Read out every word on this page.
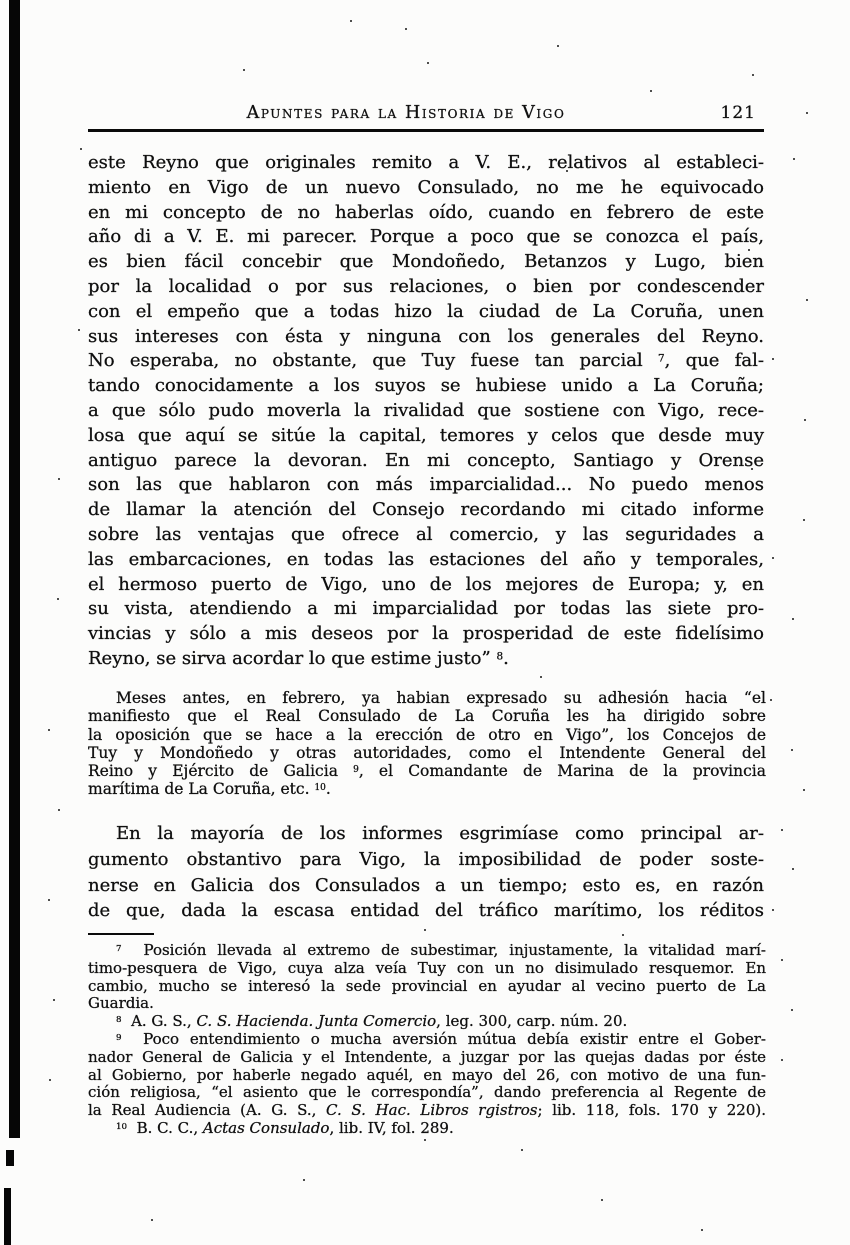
Apuntes para la Historia de Vigo	121
este Reyno que originales remito a V. E., relativos al estableci-
miento en Vigo de un nuevo Consulado, no me he equivocado
en mi concepto de no haberlas oído, cuando en febrero de este
año di a V. E. mi parecer. Porque a poco que se conozca el país,
es bien fácil concebir que Mondoñedo, Betanzos y Lugo, bien
por la localidad o por sus relaciones, o bien por condescender
con el empeño que a todas hizo la ciudad de La Coruña, unen
sus intereses con ésta y ninguna con los generales del Reyno.
No esperaba, no obstante, que Tuy fuese tan parcial $^7$, que fal-
tando conocidamente a los suyos se hubiese unido a La Coruña;
a que sólo pudo moverla la rivalidad que sostiene con Vigo, rece-
losa que aquí se sitúe la capital, temores y celos que desde muy
antiguo parece la devoran. En mi concepto, Santiago y Orense
son las que hablaron con más imparcialidad... No puedo menos
de llamar la atención del Consejo recordando mi citado informe
sobre las ventajas que ofrece al comercio, y las seguridades a
las embarcaciones, en todas las estaciones del año y temporales,
el hermoso puerto de Vigo, uno de los mejores de Europa; y, en
su vista, atendiendo a mi imparcialidad por todas las siete pro-
vincias y sólo a mis deseos por la prosperidad de este fidelísimo
Reyno, se sirva acordar lo que estime justo” $^8$.
Meses antes, en febrero, ya habian expresado su adhesión hacia “el
manifiesto que el Real Consulado de La Coruña les ha dirigido sobre
la oposición que se hace a la erección de otro en Vigo”, los Concejos de
Tuy y Mondoñedo y otras autoridades, como el Intendente General del
Reino y Ejército de Galicia $^9$, el Comandante de Marina de la provincia
marítima de La Coruña, etc. $^{10}$.
En la mayoría de los informes esgrimíase como principal ar-
gumento obstantivo para Vigo, la imposibilidad de poder soste-
nerse en Galicia dos Consulados a un tiempo; esto es, en razón
de que, dada la escasa entidad del tráfico marítimo, los réditos
$^7$  Posición llevada al extremo de subestimar, injustamente, la vitalidad marí-
timo-pesquera de Vigo, cuya alza veía Tuy con un no disimulado resquemor. En
cambio, mucho se interesó la sede provincial en ayudar al vecino puerto de La
Guardia.
$^8$  A. G. S., C. S. Hacienda. Junta Comercio, leg. 300, carp. núm. 20.
$^9$  Poco entendimiento o mucha aversión mútua debía existir entre el Gober-
nador General de Galicia y el Intendente, a juzgar por las quejas dadas por éste
al Gobierno, por haberle negado aquél, en mayo del 26, con motivo de una fun-
ción religiosa, “el asiento que le correspondía”, dando preferencia al Regente de
la Real Audiencia (A. G. S., C. S. Hac. Libros rgistros; lib. 118, fols. 170 y 220).
$^{10}$  B. C. C., Actas Consulado, lib. IV, fol. 289.
